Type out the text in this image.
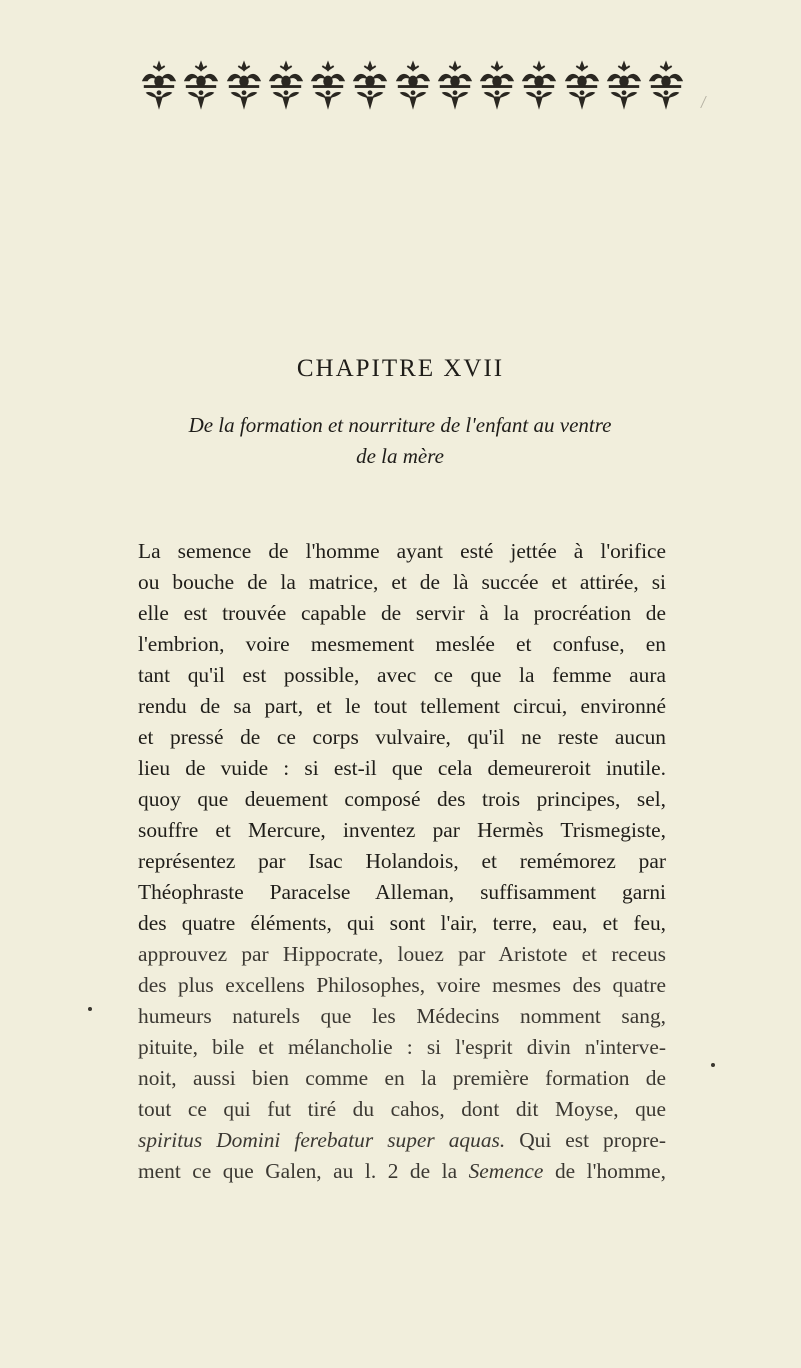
CHAPITRE XVII

De la formation et nourriture de l'enfant au ventre
de la mère

La semence de l'homme ayant esté jettée à l'orifice
ou bouche de la matrice, et de là succée et attirée, si
elle est trouvée capable de servir à la procréation de
l'embrion, voire mesmement meslée et confuse, en
tant qu'il est possible, avec ce que la femme aura
rendu de sa part, et le tout tellement circui, environné
et pressé de ce corps vulvaire, qu'il ne reste aucun
lieu de vuide : si est-il que cela demeureroit inutile.
quoy que deuement composé des trois principes, sel,
souffre et Mercure, inventez par Hermès Trismegiste,
représentez par Isac Holandois, et remémorez par
Théophraste Paracelse Alleman, suffisamment garni
des quatre éléments, qui sont l'air, terre, eau, et feu,
approuvez par Hippocrate, louez par Aristote et receus
des plus excellens Philosophes, voire mesmes des quatre
humeurs naturels que les Médecins nomment sang,
pituite, bile et mélancholie : si l'esprit divin n'interve-
noit, aussi bien comme en la première formation de
tout ce qui fut tiré du cahos, dont dit Moyse, que
spiritus Domini ferebatur super aquas. Qui est propre-
ment ce que Galen, au l. 2 de la Semence de l'homme,
